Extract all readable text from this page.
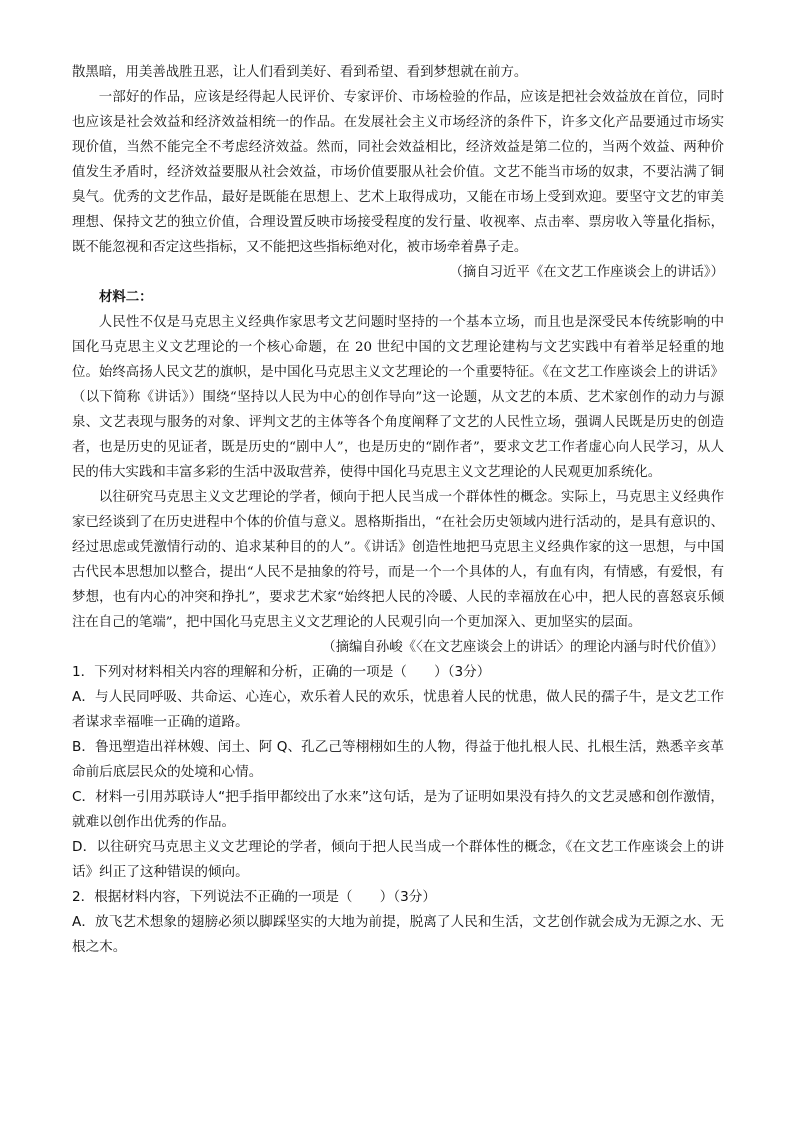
散黑暗，用美善战胜丑恶，让人们看到美好、看到希望、看到梦想就在前方。

一部好的作品，应该是经得起人民评价、专家评价、市场检验的作品，应该是把社会效益放在首位，同时也应该是社会效益和经济效益相统一的作品。在发展社会主义市场经济的条件下，许多文化产品要通过市场实现价值，当然不能完全不考虑经济效益。然而，同社会效益相比，经济效益是第二位的，当两个效益、两种价值发生矛盾时，经济效益要服从社会效益，市场价值要服从社会价值。文艺不能当市场的奴隶，不要沾满了铜臭气。优秀的文艺作品，最好是既能在思想上、艺术上取得成功，又能在市场上受到欢迎。要坚守文艺的审美理想、保持文艺的独立价值，合理设置反映市场接受程度的发行量、收视率、点击率、票房收入等量化指标，既不能忽视和否定这些指标，又不能把这些指标绝对化，被市场牵着鼻子走。

（摘自习近平《在文艺工作座谈会上的讲话》）

材料二：

人民性不仅是马克思主义经典作家思考文艺问题时坚持的一个基本立场，而且也是深受民本传统影响的中国化马克思主义文艺理论的一个核心命题，在 20 世纪中国的文艺理论建构与文艺实践中有着举足轻重的地位。始终高扬人民文艺的旗帜，是中国化马克思主义文艺理论的一个重要特征。《在文艺工作座谈会上的讲话》（以下简称《讲话》）围绕“坚持以人民为中心的创作导向”这一论题，从文艺的本质、艺术家创作的动力与源泉、文艺表现与服务的对象、评判文艺的主体等各个角度阐释了文艺的人民性立场，强调人民既是历史的创造者，也是历史的见证者，既是历史的“剧中人”，也是历史的“剧作者”，要求文艺工作者虚心向人民学习，从人民的伟大实践和丰富多彩的生活中汲取营养，使得中国化马克思主义文艺理论的人民观更加系统化。

以往研究马克思主义文艺理论的学者，倾向于把人民当成一个群体性的概念。实际上，马克思主义经典作家已经谈到了在历史进程中个体的价值与意义。恩格斯指出，“在社会历史领域内进行活动的，是具有意识的、经过思虑或凭激情行动的、追求某种目的的人”。《讲话》创造性地把马克思主义经典作家的这一思想，与中国古代民本思想加以整合，提出“人民不是抽象的符号，而是一个一个具体的人，有血有肉，有情感，有爱恨，有梦想，也有内心的冲突和挣扎”，要求艺术家“始终把人民的冷暖、人民的幸福放在心中，把人民的喜怒哀乐倾注在自己的笔端”，把中国化马克思主义文艺理论的人民观引向一个更加深入、更加坚实的层面。

（摘编自孙峻《〈在文艺座谈会上的讲话〉的理论内涵与时代价值》）

1．下列对材料相关内容的理解和分析，正确的一项是（　　）（3分）

A．与人民同呼吸、共命运、心连心，欢乐着人民的欢乐，忧患着人民的忧患，做人民的孺子牛，是文艺工作者谋求幸福唯一正确的道路。

B．鲁迅塑造出祥林嫂、闰土、阿 Q、孔乙己等栩栩如生的人物，得益于他扎根人民、扎根生活，熟悉辛亥革命前后底层民众的处境和心情。

C．材料一引用苏联诗人“把手指甲都绞出了水来”这句话，是为了证明如果没有持久的文艺灵感和创作激情，就难以创作出优秀的作品。

D．以往研究马克思主义文艺理论的学者，倾向于把人民当成一个群体性的概念，《在文艺工作座谈会上的讲话》纠正了这种错误的倾向。

2．根据材料内容，下列说法不正确的一项是（　　）（3分）

A．放飞艺术想象的翅膀必须以脚踩坚实的大地为前提，脱离了人民和生活，文艺创作就会成为无源之水、无根之木。
